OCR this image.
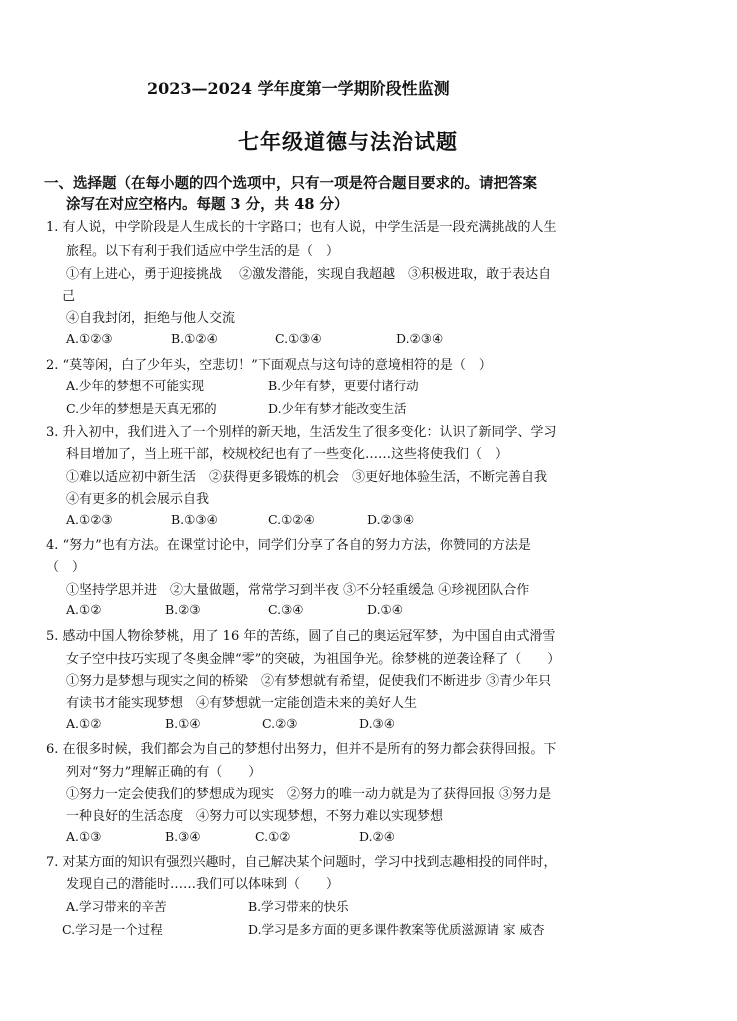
2023—2024 学年度第一学期阶段性监测
七年级道德与法治试题
一、选择题（在每小题的四个选项中，只有一项是符合题目要求的。请把答案
涂写在对应空格内。每题 3 分，共 48 分）
1. 有人说，中学阶段是人生成长的十字路口；也有人说，中学生活是一段充满挑战的人生
旅程。以下有利于我们适应中学生活的是（　）
①有上进心，勇于迎接挑战　 ②激发潜能，实现自我超越　③积极进取，敢于表达自
己
④自我封闭，拒绝与他人交流
A.①②③	B.①②④	C.①③④	D.②③④
2. “莫等闲，白了少年头，空悲切！”下面观点与这句诗的意境相符的是（　）
A.少年的梦想不可能实现	B.少年有梦，更要付诸行动
C.少年的梦想是天真无邪的	D.少年有梦才能改变生活
3. 升入初中，我们进入了一个别样的新天地，生活发生了很多变化：认识了新同学、学习
科目增加了，当上班干部，校规校纪也有了一些变化……这些将使我们（　）
①难以适应初中新生活　②获得更多锻炼的机会　③更好地体验生活，不断完善自我
④有更多的机会展示自我
A.①②③	B.①③④	C.①②④	D.②③④
4. “努力”也有方法。在课堂讨论中，同学们分享了各自的努力方法，你赞同的方法是
（　）
①坚持学思并进　②大量做题，常常学习到半夜 ③不分轻重缓急 ④珍视团队合作
A.①②	B.②③	C.③④	D.①④
5. 感动中国人物徐梦桃，用了 16 年的苦练，圆了自己的奥运冠军梦，为中国自由式滑雪
女子空中技巧实现了冬奥金牌“零”的突破，为祖国争光。徐梦桃的逆袭诠释了（　　）
①努力是梦想与现实之间的桥梁　②有梦想就有希望，促使我们不断进步 ③青少年只
有读书才能实现梦想　④有梦想就一定能创造未来的美好人生
A.①②	B.①④	C.②③	D.③④
6. 在很多时候，我们都会为自己的梦想付出努力，但并不是所有的努力都会获得回报。下
列对“努力”理解正确的有（　　）
①努力一定会使我们的梦想成为现实　②努力的唯一动力就是为了获得回报 ③努力是
一种良好的生活态度　④努力可以实现梦想，不努力难以实现梦想
A.①③	B.③④	C.①②	D.②④
7. 对某方面的知识有强烈兴趣时，自己解决某个问题时，学习中找到志趣相投的同伴时，
发现自己的潜能时……我们可以体味到（　　）
A.学习带来的辛苦	B.学习带来的快乐
C.学习是一个过程	D.学习是多方面的更多课件教案等优质滋源请 家 威杏
